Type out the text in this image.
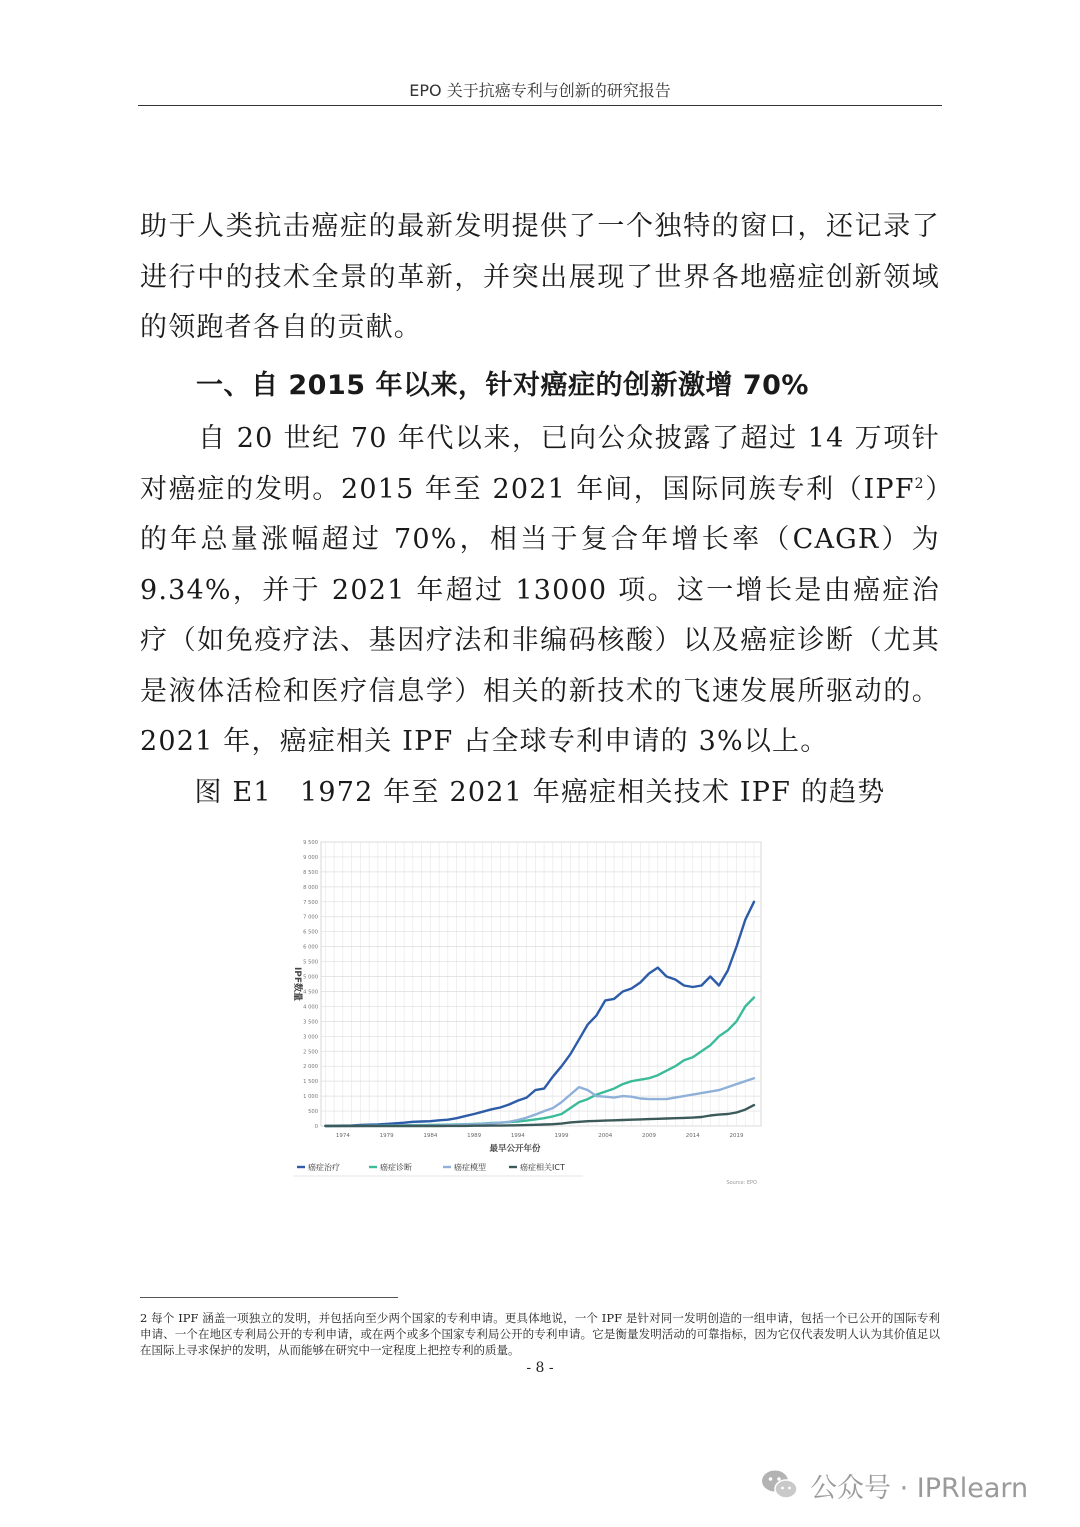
EPO 关于抗癌专利与创新的研究报告

助于人类抗击癌症的最新发明提供了一个独特的窗口，还记录了进行中的技术全景的革新，并突出展现了世界各地癌症创新领域的领跑者各自的贡献。

一、自 2015 年以来，针对癌症的创新激增 70%

自 20 世纪 70 年代以来，已向公众披露了超过 14 万项针对癌症的发明。2015 年至 2021 年间，国际同族专利（IPF$^2$）的年总量涨幅超过 70%，相当于复合年增长率（CAGR）为 9.34%，并于 2021 年超过 13000 项。这一增长是由癌症治疗（如免疫疗法、基因疗法和非编码核酸）以及癌症诊断（尤其是液体活检和医疗信息学）相关的新技术的飞速发展所驱动的。2021 年，癌症相关 IPF 占全球专利申请的 3%以上。

图 E1　1972 年至 2021 年癌症相关技术 IPF 的趋势

0
500
1 000
1 500
2 000
2 500
3 000
3 500
4 000
4 500
5 000
5 500
6 000
6 500
7 000
7 500
8 000
8 500
9 000
9 500
1974	1979	1984	1989	1994	1999	2004	2009	2014	2019
IPF数量
最早公开年份
癌症治疗	癌症诊断	癌症模型	癌症相关ICT
Source: EPO

2 每个 IPF 涵盖一项独立的发明，并包括向至少两个国家的专利申请。更具体地说，一个 IPF 是针对同一发明创造的一组申请，包括一个已公开的国际专利申请、一个在地区专利局公开的专利申请，或在两个或多个国家专利局公开的专利申请。它是衡量发明活动的可靠指标，因为它仅代表发明人认为其价值足以在国际上寻求保护的发明，从而能够在研究中一定程度上把控专利的质量。

- 8 -
公众号 · IPRlearn
